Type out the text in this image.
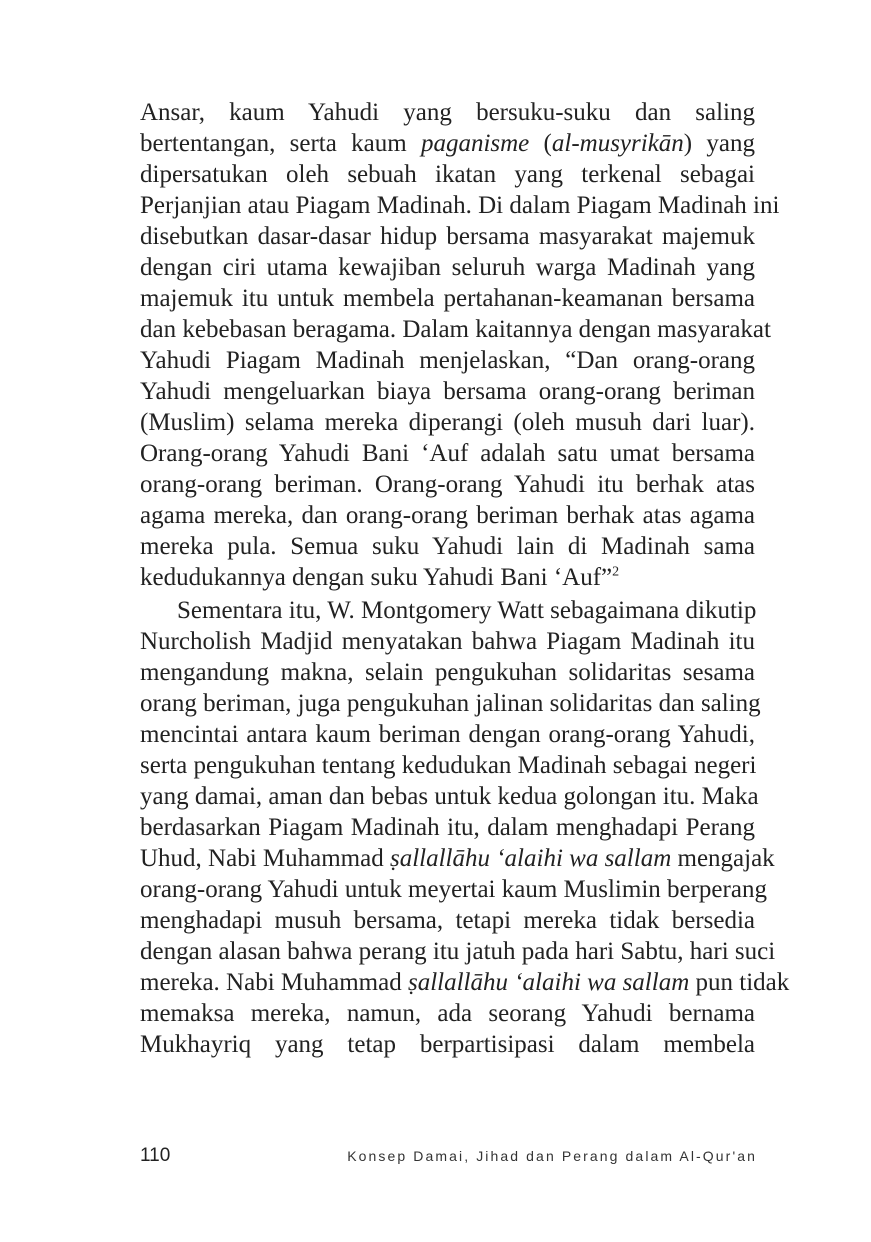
Ansar, kaum Yahudi yang bersuku-suku dan saling
bertentangan, serta kaum paganisme (al-musyrikān) yang
dipersatukan oleh sebuah ikatan yang terkenal sebagai
Perjanjian atau Piagam Madinah. Di dalam Piagam Madinah ini
disebutkan dasar-dasar hidup bersama masyarakat majemuk
dengan ciri utama kewajiban seluruh warga Madinah yang
majemuk itu untuk membela pertahanan-keamanan bersama
dan kebebasan beragama. Dalam kaitannya dengan masyarakat
Yahudi Piagam Madinah menjelaskan, “Dan orang-orang
Yahudi mengeluarkan biaya bersama orang-orang beriman
(Muslim) selama mereka diperangi (oleh musuh dari luar).
Orang-orang Yahudi Bani ‘Auf adalah satu umat bersama
orang-orang beriman. Orang-orang Yahudi itu berhak atas
agama mereka, dan orang-orang beriman berhak atas agama
mereka pula. Semua suku Yahudi lain di Madinah sama
kedudukannya dengan suku Yahudi Bani ‘Auf”$^2$
Sementara itu, W. Montgomery Watt sebagaimana dikutip
Nurcholish Madjid menyatakan bahwa Piagam Madinah itu
mengandung makna, selain pengukuhan solidaritas sesama
orang beriman, juga pengukuhan jalinan solidaritas dan saling
mencintai antara kaum beriman dengan orang-orang Yahudi,
serta pengukuhan tentang kedudukan Madinah sebagai negeri
yang damai, aman dan bebas untuk kedua golongan itu. Maka
berdasarkan Piagam Madinah itu, dalam menghadapi Perang
Uhud, Nabi Muhammad ṣallallāhu ‘alaihi wa sallam mengajak
orang-orang Yahudi untuk meyertai kaum Muslimin berperang
menghadapi musuh bersama, tetapi mereka tidak bersedia
dengan alasan bahwa perang itu jatuh pada hari Sabtu, hari suci
mereka. Nabi Muhammad ṣallallāhu ‘alaihi wa sallam pun tidak
memaksa mereka, namun, ada seorang Yahudi bernama
Mukhayriq yang tetap berpartisipasi dalam membela
110	Konsep Damai, Jihad dan Perang dalam Al-Qur'an
